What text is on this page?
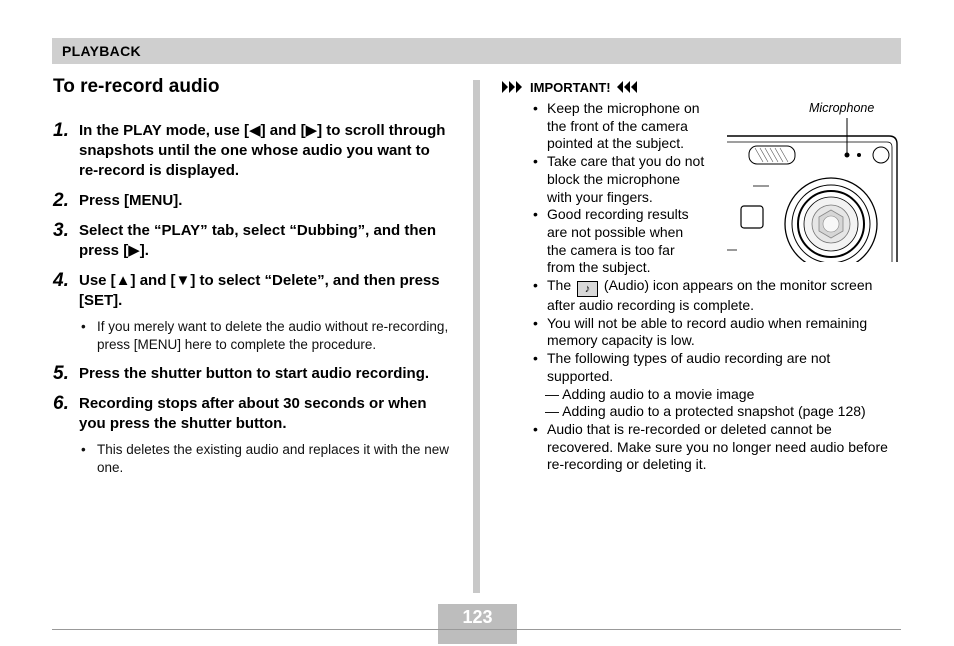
PLAYBACK
To re-record audio
1. In the PLAY mode, use [◀] and [▶] to scroll through snapshots until the one whose audio you want to re-record is displayed.
2. Press [MENU].
3. Select the “PLAY” tab, select “Dubbing”, and then press [▶].
4. Use [▲] and [▼] to select “Delete”, and then press [SET].
• If you merely want to delete the audio without re-recording, press [MENU] here to complete the procedure.
5. Press the shutter button to start audio recording.
6. Recording stops after about 30 seconds or when you press the shutter button.
• This deletes the existing audio and replaces it with the new one.
IMPORTANT!
• Keep the microphone on the front of the camera pointed at the subject.
• Take care that you do not block the microphone with your fingers.
• Good recording results are not possible when the camera is too far from the subject.
• The ♪ (Audio) icon appears on the monitor screen after audio recording is complete.
• You will not be able to record audio when remaining memory capacity is low.
• The following types of audio recording are not supported.
— Adding audio to a movie image
— Adding audio to a protected snapshot (page 128)
• Audio that is re-recorded or deleted cannot be recovered. Make sure you no longer need audio before re-recording or deleting it.
Microphone
123
